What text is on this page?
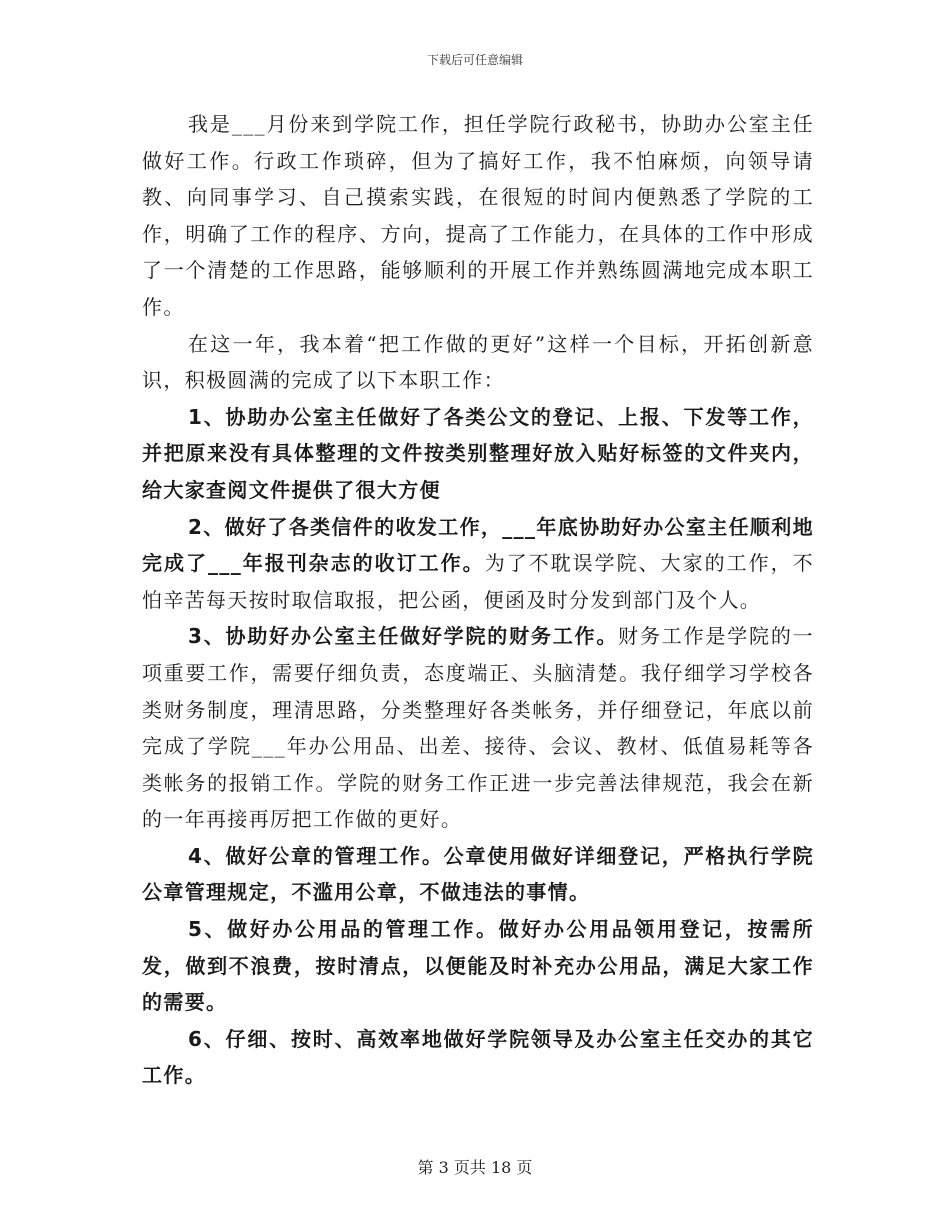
下载后可任意编辑

我是___月份来到学院工作，担任学院行政秘书，协助办公室主任做好工作。行政工作琐碎，但为了搞好工作，我不怕麻烦，向领导请教、向同事学习、自己摸索实践，在很短的时间内便熟悉了学院的工作，明确了工作的程序、方向，提高了工作能力，在具体的工作中形成了一个清楚的工作思路，能够顺利的开展工作并熟练圆满地完成本职工作。

在这一年，我本着“把工作做的更好”这样一个目标，开拓创新意识，积极圆满的完成了以下本职工作：

1、协助办公室主任做好了各类公文的登记、上报、下发等工作，并把原来没有具体整理的文件按类别整理好放入贴好标签的文件夹内，给大家查阅文件提供了很大方便

2、做好了各类信件的收发工作，___年底协助好办公室主任顺利地完成了___年报刊杂志的收订工作。为了不耽误学院、大家的工作，不怕辛苦每天按时取信取报，把公函，便函及时分发到部门及个人。

3、协助好办公室主任做好学院的财务工作。财务工作是学院的一项重要工作，需要仔细负责，态度端正、头脑清楚。我仔细学习学校各类财务制度，理清思路，分类整理好各类帐务，并仔细登记，年底以前完成了学院___年办公用品、出差、接待、会议、教材、低值易耗等各类帐务的报销工作。学院的财务工作正进一步完善法律规范，我会在新的一年再接再厉把工作做的更好。

4、做好公章的管理工作。公章使用做好详细登记，严格执行学院公章管理规定，不滥用公章，不做违法的事情。

5、做好办公用品的管理工作。做好办公用品领用登记，按需所发，做到不浪费，按时清点，以便能及时补充办公用品，满足大家工作的需要。

6、仔细、按时、高效率地做好学院领导及办公室主任交办的其它工作。

第 3 页共 18 页
